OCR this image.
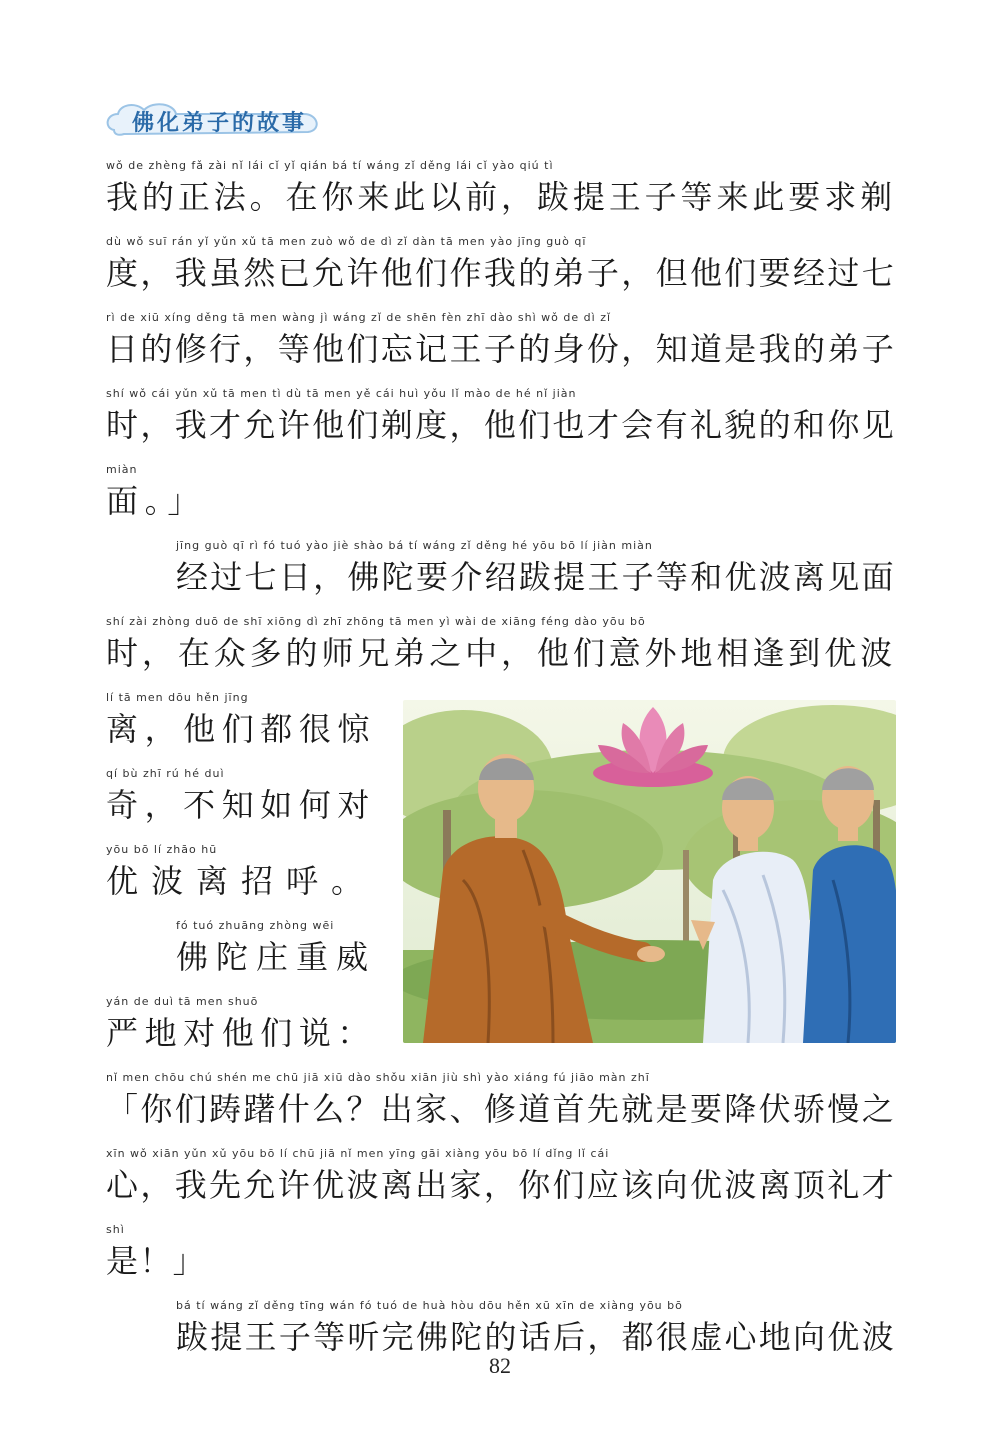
佛化弟子的故事
wǒ de zhèng fǎ zài nǐ lái cǐ yǐ qián bá tí wáng zǐ děng lái cǐ yào qiú tì
我的正法。在你来此以前，跋提王子等来此要求剃
dù wǒ suī rán yǐ yǔn xǔ tā men zuò wǒ de dì zǐ dàn tā men yào jīng guò qī
度，我虽然已允许他们作我的弟子，但他们要经过七
rì de xiū xíng děng tā men wàng jì wáng zǐ de shēn fèn zhī dào shì wǒ de dì zǐ
日的修行，等他们忘记王子的身份，知道是我的弟子
shí wǒ cái yǔn xǔ tā men tì dù tā men yě cái huì yǒu lǐ mào de hé nǐ jiàn
时，我才允许他们剃度，他们也才会有礼貌的和你见
miàn
面。」
jīng guò qī rì fó tuó yào jiè shào bá tí wáng zǐ děng hé yōu bō lí jiàn miàn
经过七日，佛陀要介绍跋提王子等和优波离见面
shí zài zhòng duō de shī xiōng dì zhī zhōng tā men yì wài de xiāng féng dào yōu bō
时，在众多的师兄弟之中，他们意外地相逢到优波
lí tā men dōu hěn jīng
离，他们都很惊
qí bù zhī rú hé duì
奇，不知如何对
yōu bō lí zhāo hū
优波离招呼。
fó tuó zhuāng zhòng wēi
佛陀庄重威
yán de duì tā men shuō
严地对他们说：
nǐ men chōu chú shén me chū jiā xiū dào shǒu xiān jiù shì yào xiáng fú jiāo màn zhī
「你们踌躇什么？出家、修道首先就是要降伏骄慢之
xīn wǒ xiān yǔn xǔ yōu bō lí chū jiā nǐ men yīng gāi xiàng yōu bō lí dǐng lǐ cái
心，我先允许优波离出家，你们应该向优波离顶礼才
shì
是！」
bá tí wáng zǐ děng tīng wán fó tuó de huà hòu dōu hěn xū xīn de xiàng yōu bō
跋提王子等听完佛陀的话后，都很虚心地向优波
82
